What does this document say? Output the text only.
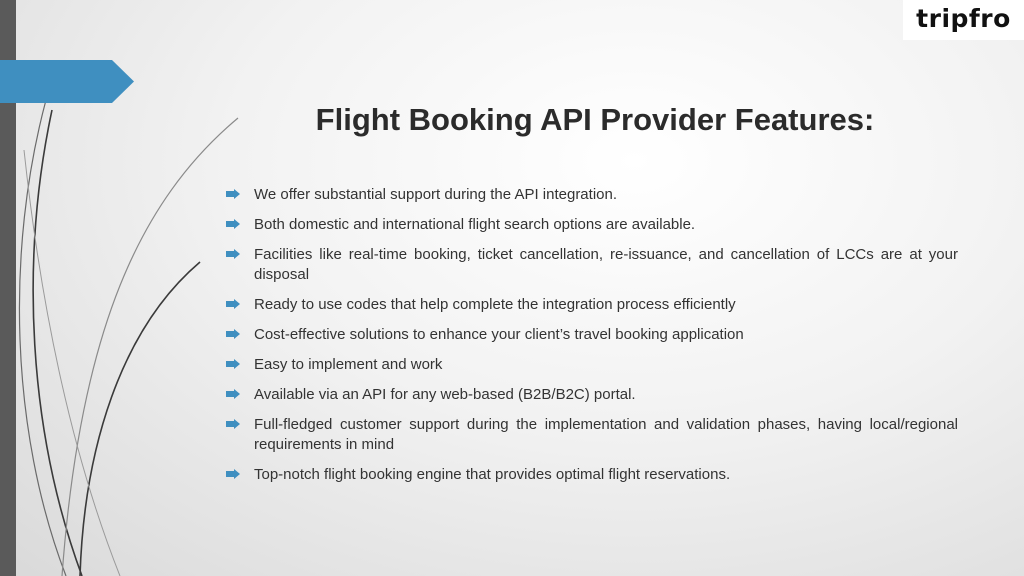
tripfro
Flight Booking API Provider Features:
We offer substantial support during the API integration.
Both domestic and international flight search options are available.
Facilities like real-time booking, ticket cancellation, re-issuance, and cancellation of LCCs are at your disposal
Ready to use codes that help complete the integration process efficiently
Cost-effective solutions to enhance your client’s travel booking application
Easy to implement and work
Available via an API for any web-based (B2B/B2C) portal.
Full-fledged customer support during the implementation and validation phases, having local/regional requirements in mind
Top-notch flight booking engine that provides optimal flight reservations.
